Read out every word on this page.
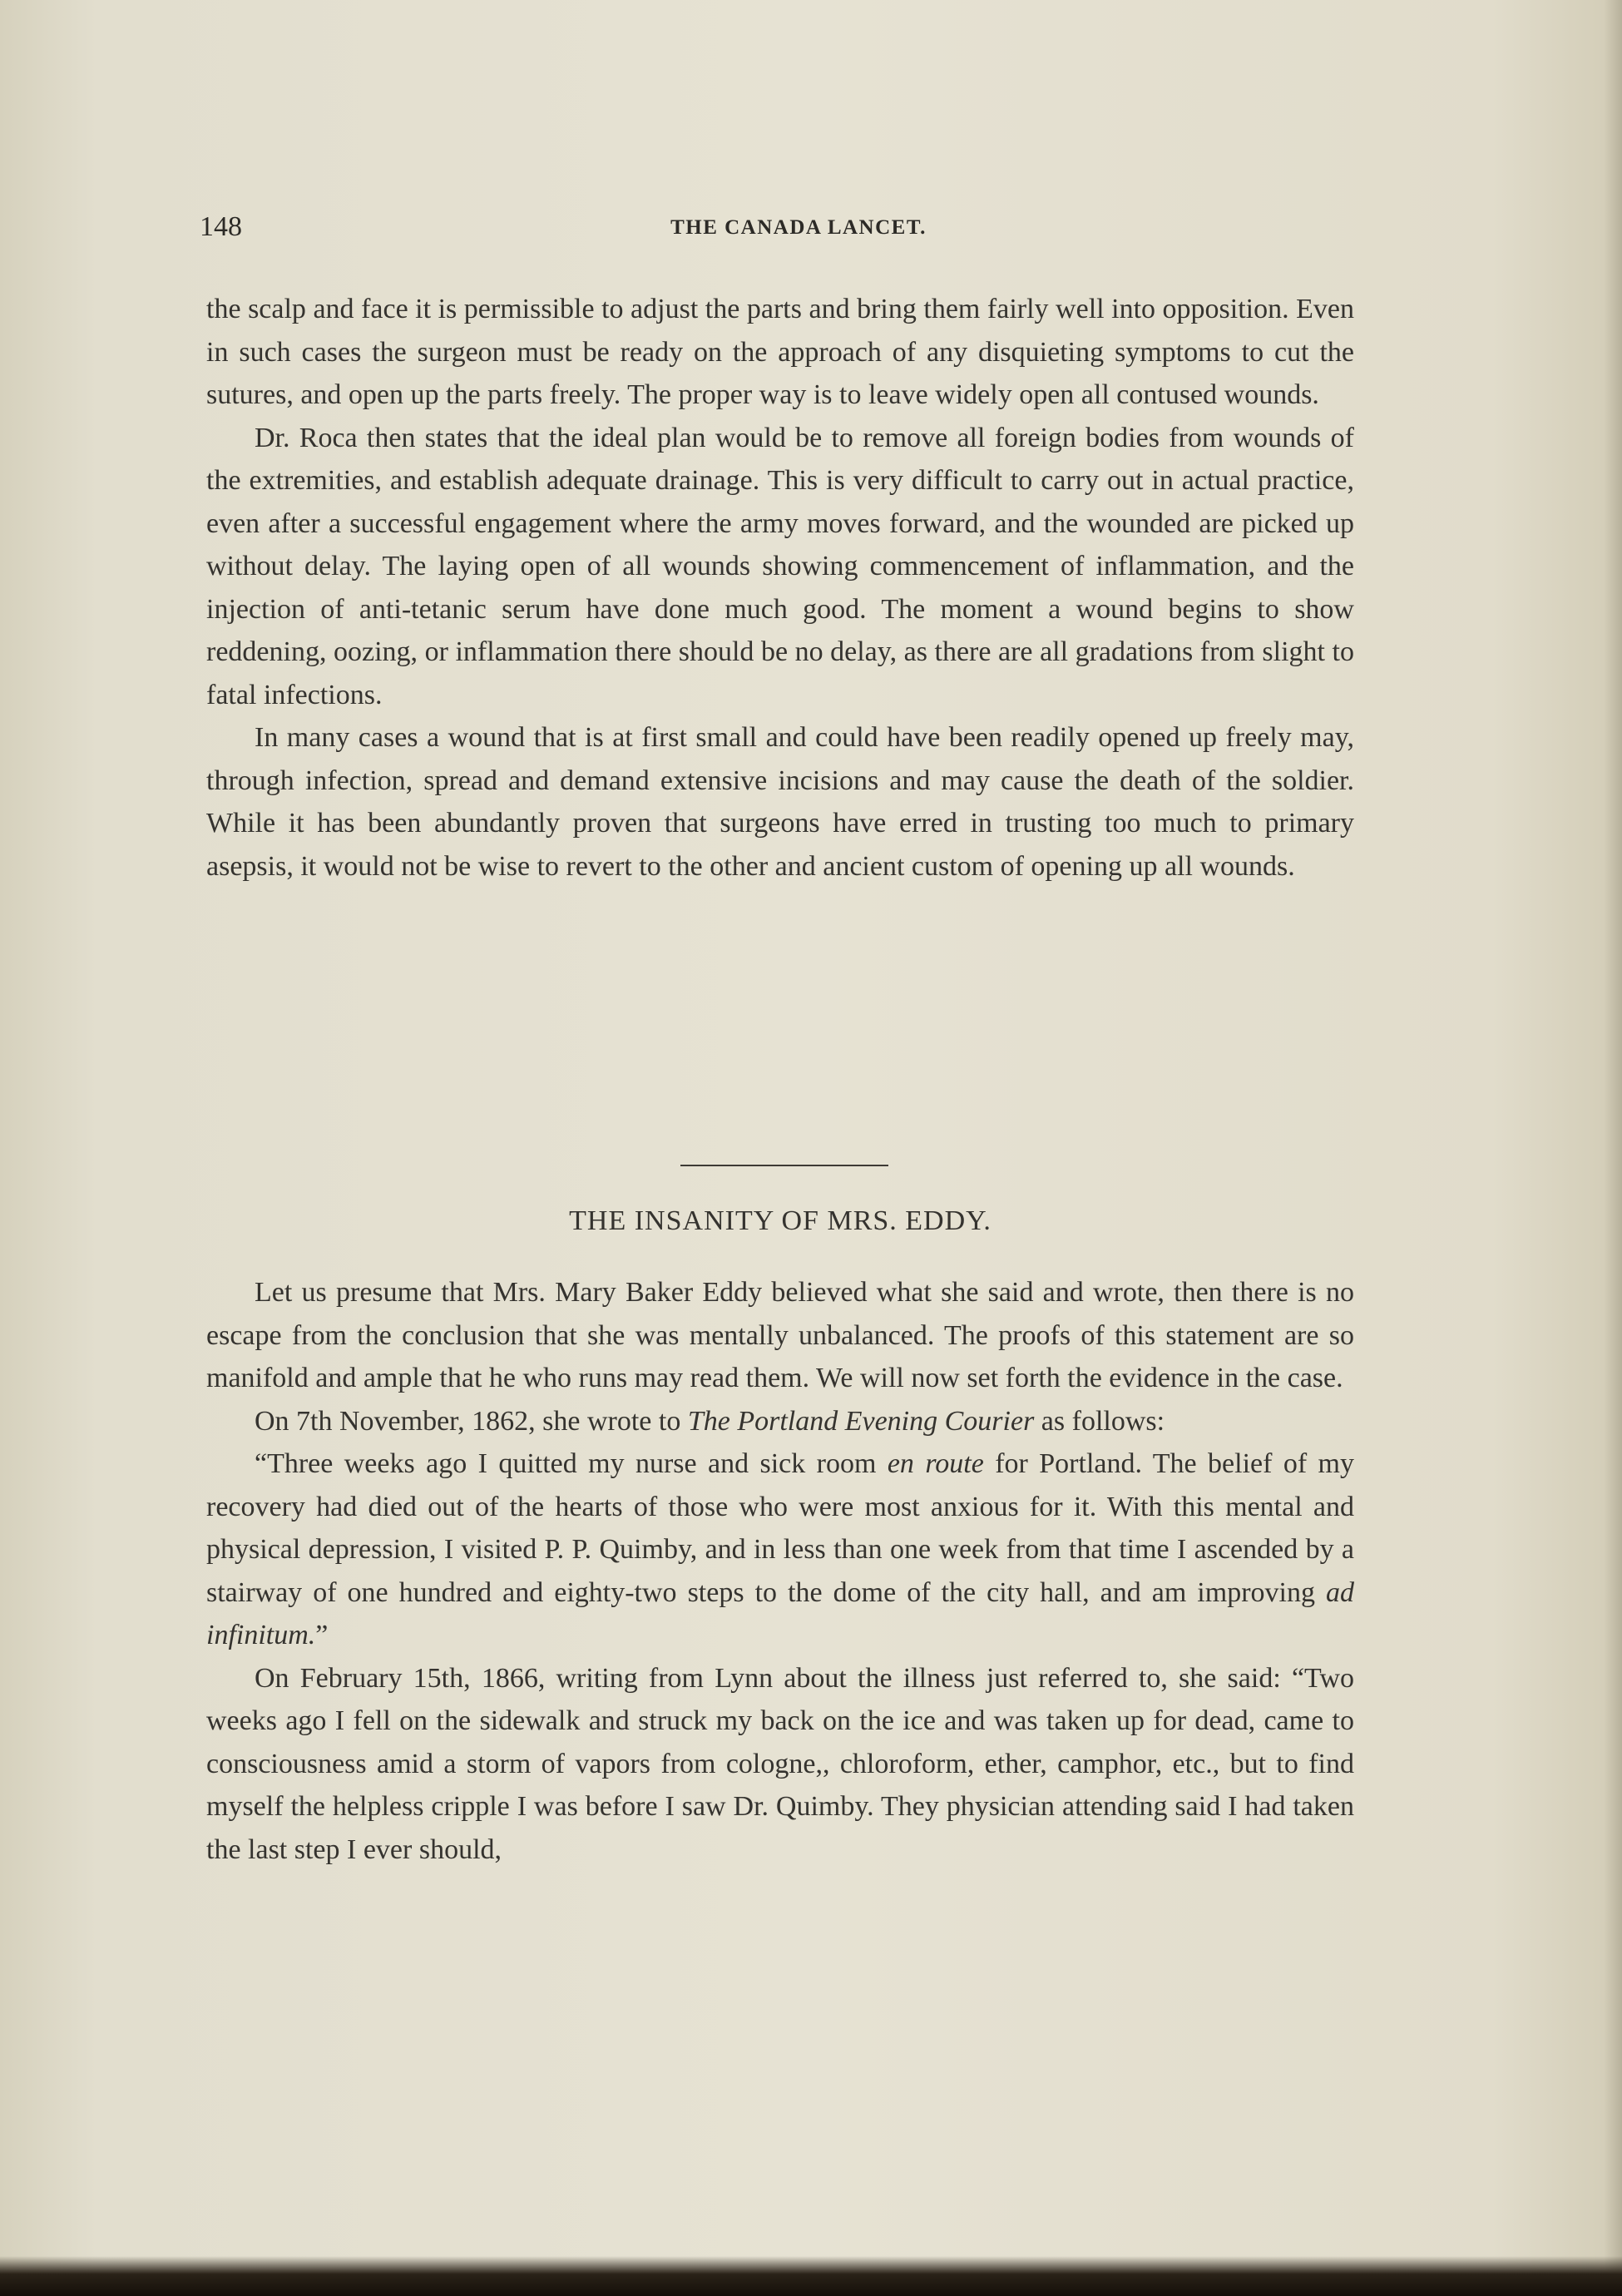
148	THE CANADA LANCET.

the scalp and face it is permissible to adjust the parts and bring them fairly well into opposition. Even in such cases the surgeon must be ready on the approach of any disquieting symptoms to cut the sutures, and open up the parts freely. The proper way is to leave widely open all contused wounds.

Dr. Roca then states that the ideal plan would be to remove all foreign bodies from wounds of the extremities, and establish adequate drainage. This is very difficult to carry out in actual practice, even after a successful engagement where the army moves forward, and the wounded are picked up without delay. The laying open of all wounds showing commencement of inflammation, and the injection of anti-tetanic serum have done much good. The moment a wound begins to show reddening, oozing, or inflammation there should be no delay, as there are all gradations from slight to fatal infections.

In many cases a wound that is at first small and could have been readily opened up freely may, through infection, spread and demand extensive incisions and may cause the death of the soldier. While it has been abundantly proven that surgeons have erred in trusting too much to primary asepsis, it would not be wise to revert to the other and ancient custom of opening up all wounds.

THE INSANITY OF MRS. EDDY.

Let us presume that Mrs. Mary Baker Eddy believed what she said and wrote, then there is no escape from the conclusion that she was mentally unbalanced. The proofs of this statement are so manifold and ample that he who runs may read them. We will now set forth the evidence in the case.

On 7th November, 1862, she wrote to The Portland Evening Courier as follows:

“Three weeks ago I quitted my nurse and sick room en route for Portland. The belief of my recovery had died out of the hearts of those who were most anxious for it. With this mental and physical depression, I visited P. P. Quimby, and in less than one week from that time I ascended by a stairway of one hundred and eighty-two steps to the dome of the city hall, and am improving ad infinitum.”

On February 15th, 1866, writing from Lynn about the illness just referred to, she said: “Two weeks ago I fell on the sidewalk and struck my back on the ice and was taken up for dead, came to consciousness amid a storm of vapors from cologne,, chloroform, ether, camphor, etc., but to find myself the helpless cripple I was before I saw Dr. Quimby. They physician attending said I had taken the last step I ever should,
